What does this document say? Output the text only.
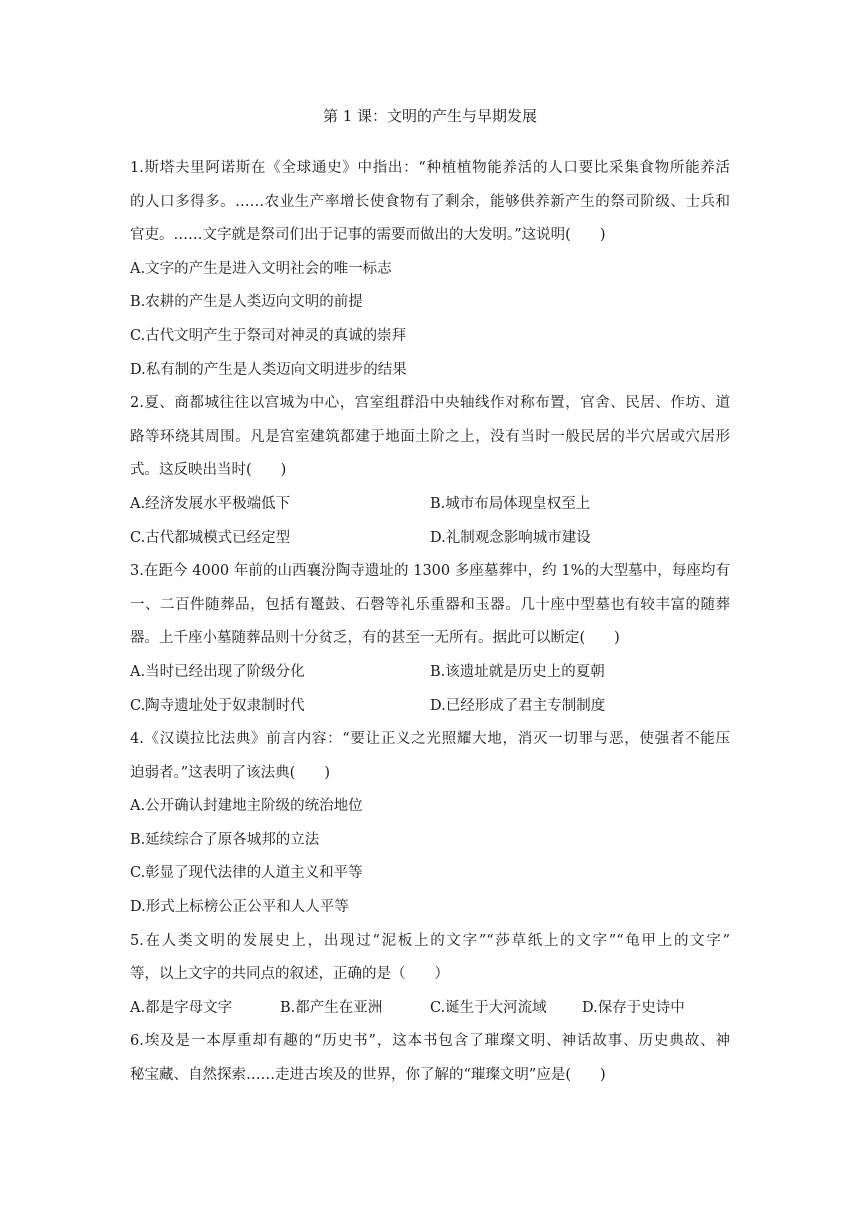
第 1 课：文明的产生与早期发展
1.斯塔夫里阿诺斯在《全球通史》中指出：“种植植物能养活的人口要比采集食物所能养活
的人口多得多。……农业生产率增长使食物有了剩余，能够供养新产生的祭司阶级、士兵和
官吏。……文字就是祭司们出于记事的需要而做出的大发明。”这说明(　　)
A.文字的产生是进入文明社会的唯一标志
B.农耕的产生是人类迈向文明的前提
C.古代文明产生于祭司对神灵的真诚的崇拜
D.私有制的产生是人类迈向文明进步的结果
2.夏、商都城往往以宫城为中心，宫室组群沿中央轴线作对称布置，官舍、民居、作坊、道
路等环绕其周围。凡是宫室建筑都建于地面土阶之上，没有当时一般民居的半穴居或穴居形
式。这反映出当时(　　)
A.经济发展水平极端低下	B.城市布局体现皇权至上
C.古代都城模式已经定型	D.礼制观念影响城市建设
3.在距今 4000 年前的山西襄汾陶寺遗址的 1300 多座墓葬中，约 1%的大型墓中，每座均有
一、二百件随葬品，包括有鼍鼓、石磬等礼乐重器和玉器。几十座中型墓也有较丰富的随葬
器。上千座小墓随葬品则十分贫乏，有的甚至一无所有。据此可以断定(　　)
A.当时已经出现了阶级分化	B.该遗址就是历史上的夏朝
C.陶寺遗址处于奴隶制时代	D.已经形成了君主专制制度
4.《汉谟拉比法典》前言内容：“要让正义之光照耀大地，消灭一切罪与恶，使强者不能压
迫弱者。”这表明了该法典(　　)
A.公开确认封建地主阶级的统治地位
B.延续综合了原各城邦的立法
C.彰显了现代法律的人道主义和平等
D.形式上标榜公正公平和人人平等
5.在人类文明的发展史上，出现过“泥板上的文字”“莎草纸上的文字”“龟甲上的文字”
等，以上文字的共同点的叙述，正确的是（　　）
A.都是字母文字	B.都产生在亚洲	C.诞生于大河流域 D.保存于史诗中
6.埃及是一本厚重却有趣的“历史书”，这本书包含了璀璨文明、神话故事、历史典故、神
秘宝藏、自然探索……走进古埃及的世界，你了解的“璀璨文明”应是(　　)
